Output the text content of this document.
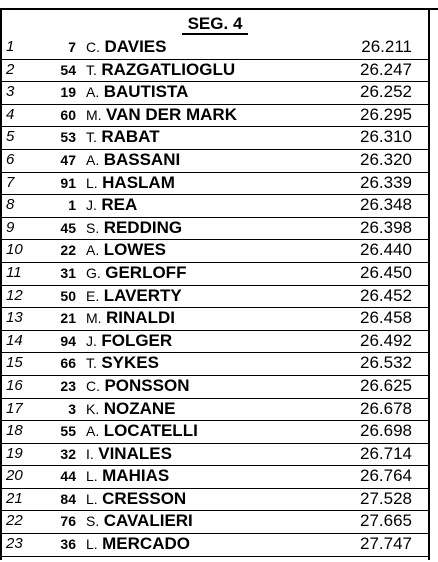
SEG. 4
1	7 C. DAVIES	26.211
2	54 T. RAZGATLIOGLU	26.247
3	19 A. BAUTISTA	26.252
4	60 M. VAN DER MARK	26.295
5	53 T. RABAT	26.310
6	47 A. BASSANI	26.320
7	91 L. HASLAM	26.339
8	1 J. REA	26.348
9	45 S. REDDING	26.398
10	22 A. LOWES	26.440
11	31 G. GERLOFF	26.450
12	50 E. LAVERTY	26.452
13	21 M. RINALDI	26.458
14	94 J. FOLGER	26.492
15	66 T. SYKES	26.532
16	23 C. PONSSON	26.625
17	3 K. NOZANE	26.678
18	55 A. LOCATELLI	26.698
19	32 I. VINALES	26.714
20	44 L. MAHIAS	26.764
21	84 L. CRESSON	27.528
22	76 S. CAVALIERI	27.665
23	36 L. MERCADO	27.747
